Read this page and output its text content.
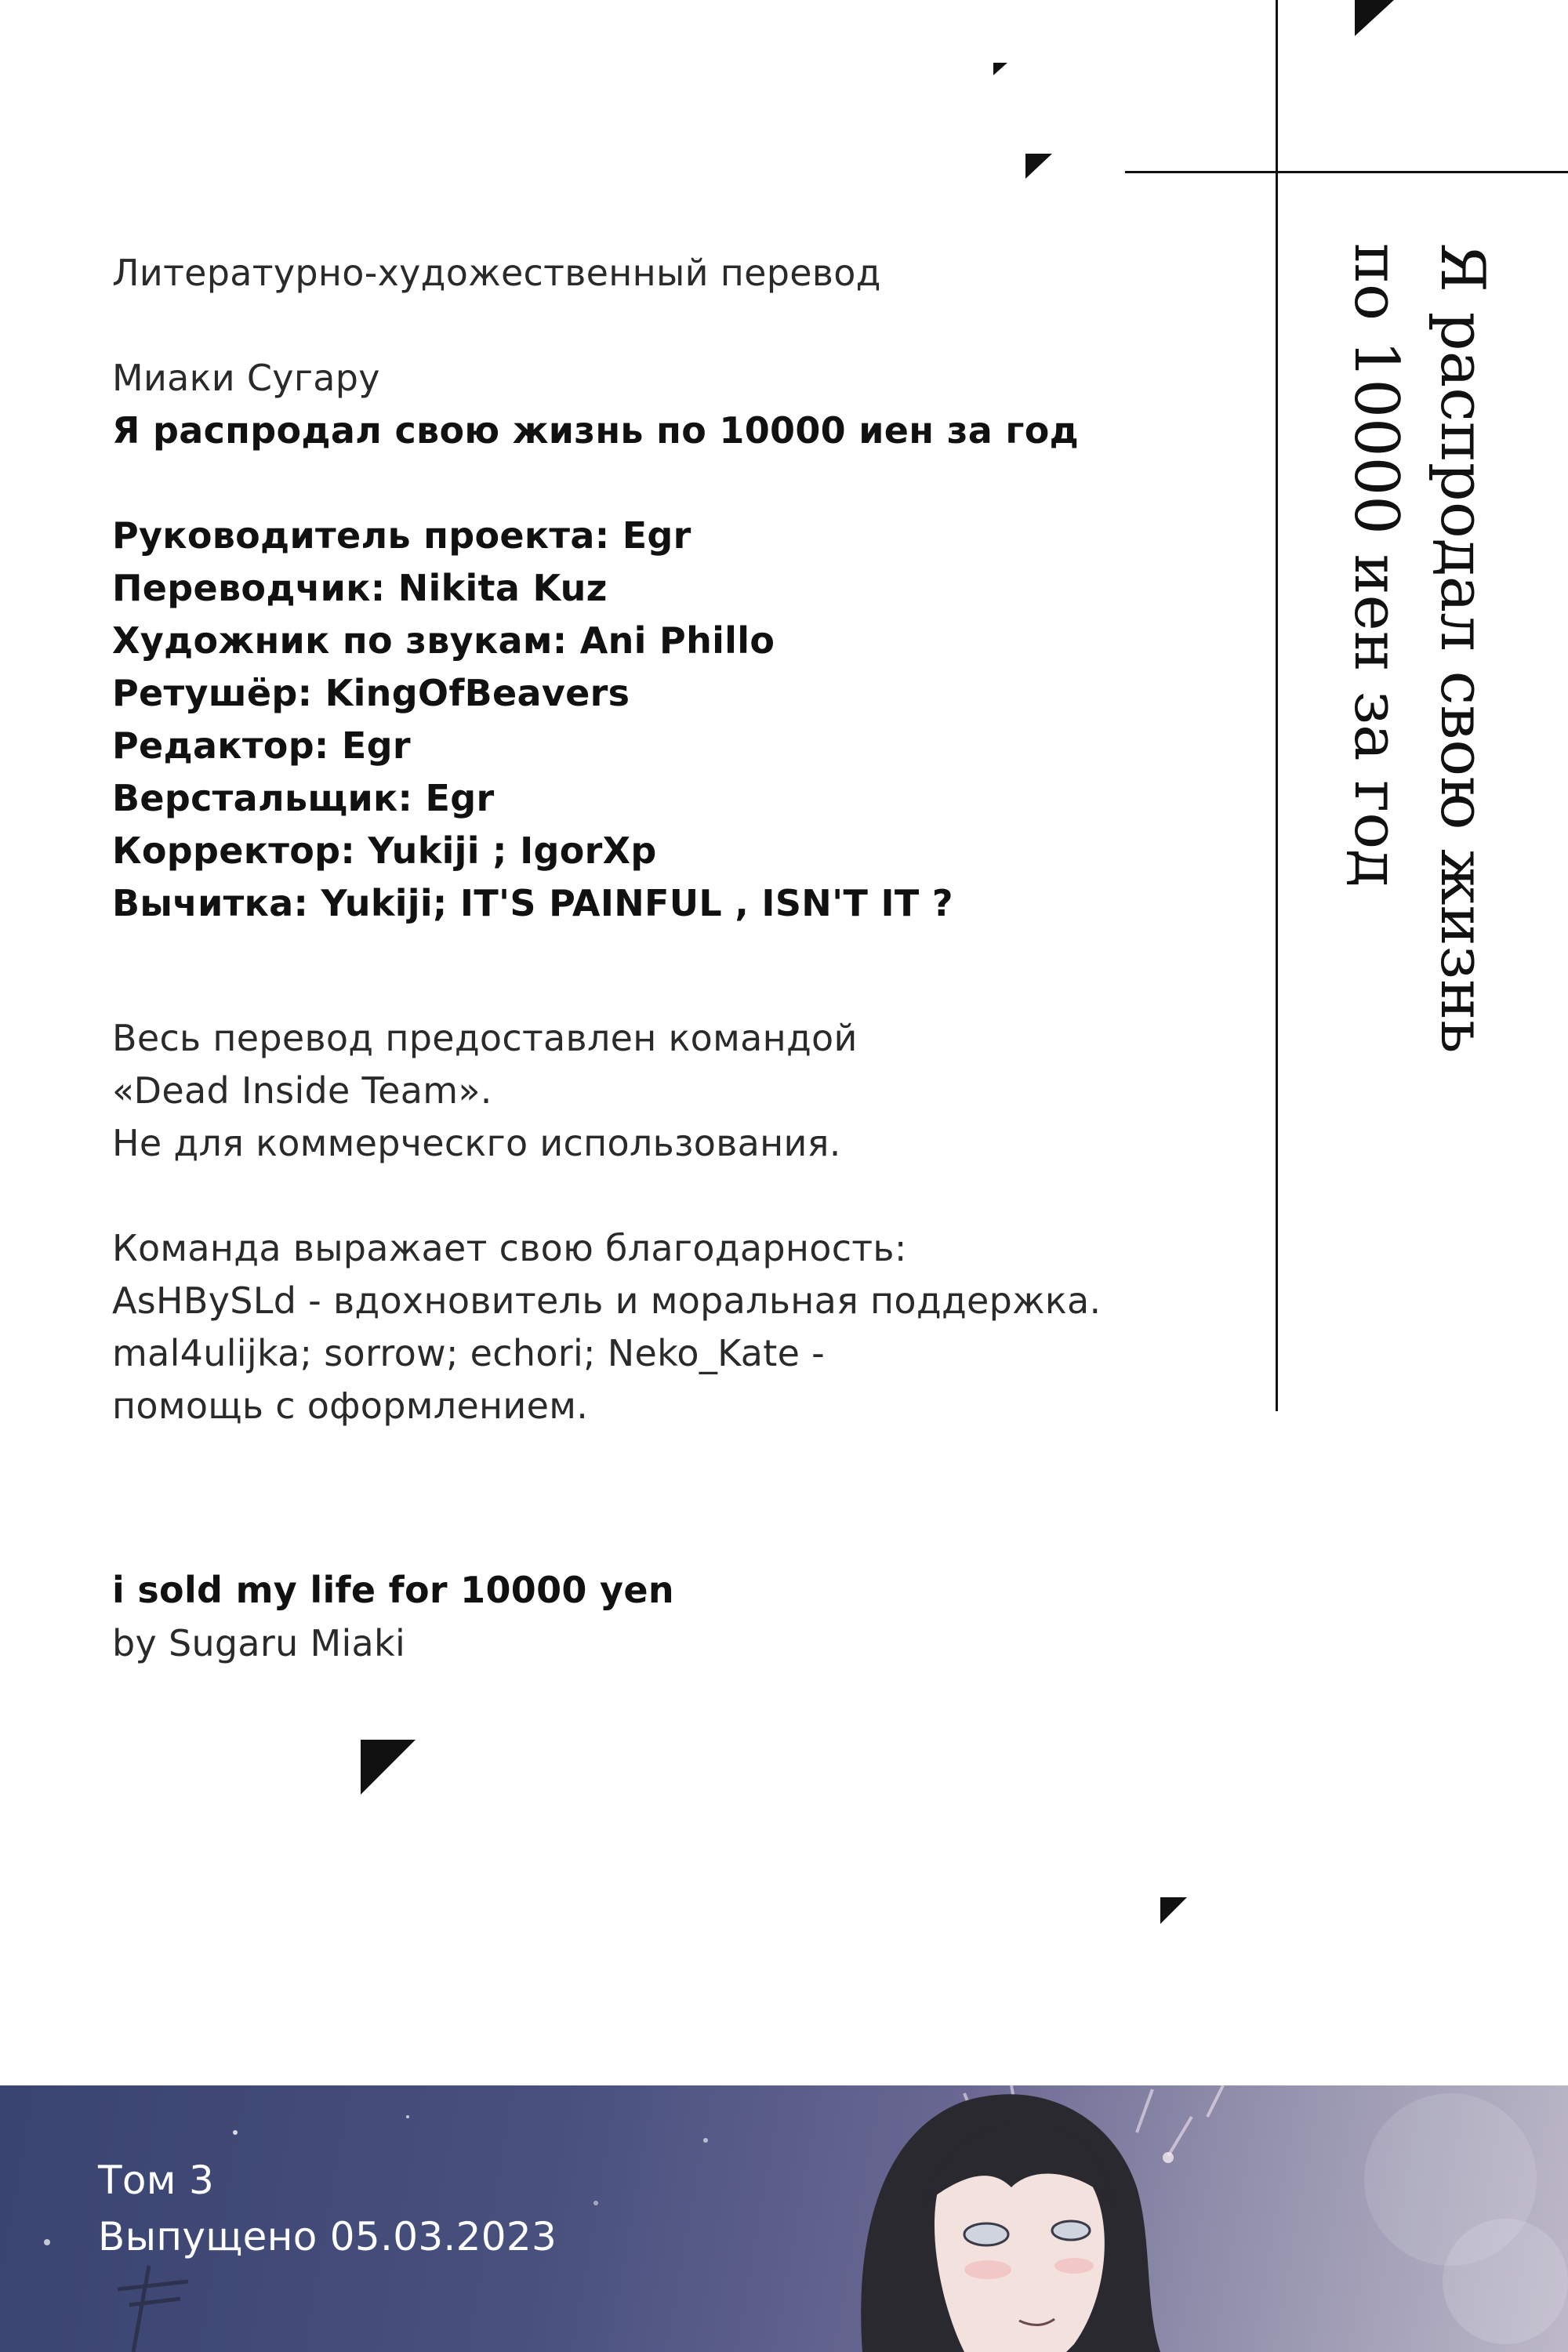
Литературно-художественный перевод
Миаки Сугару
Я распродал свою жизнь по 10000 иен за год
Руководитель проекта: Egr
Переводчик: Nikita Kuz
Художник по звукам: Ani Phillo
Ретушёр: KingOfBeavers
Редактор: Egr
Верстальщик: Egr
Корректор: Yukiji ; IgorXp
Вычитка: Yukiji; IT'S PAINFUL , ISN'T IT ?
Весь перевод предоставлен командой
«Dead Inside Team».
Не для коммерческго использования.
Команда выражает свою благодарность:
AsHBySLd - вдохновитель и моральная поддержка.
mal4ulijka; sorrow; echori; Neko_Kate -
помощь с оформлением.
i sold my life for 10000 yen
by Sugaru Miaki
Я распродал свою жизнь
по 10000 иен за год
Том 3
Выпущено 05.03.2023
